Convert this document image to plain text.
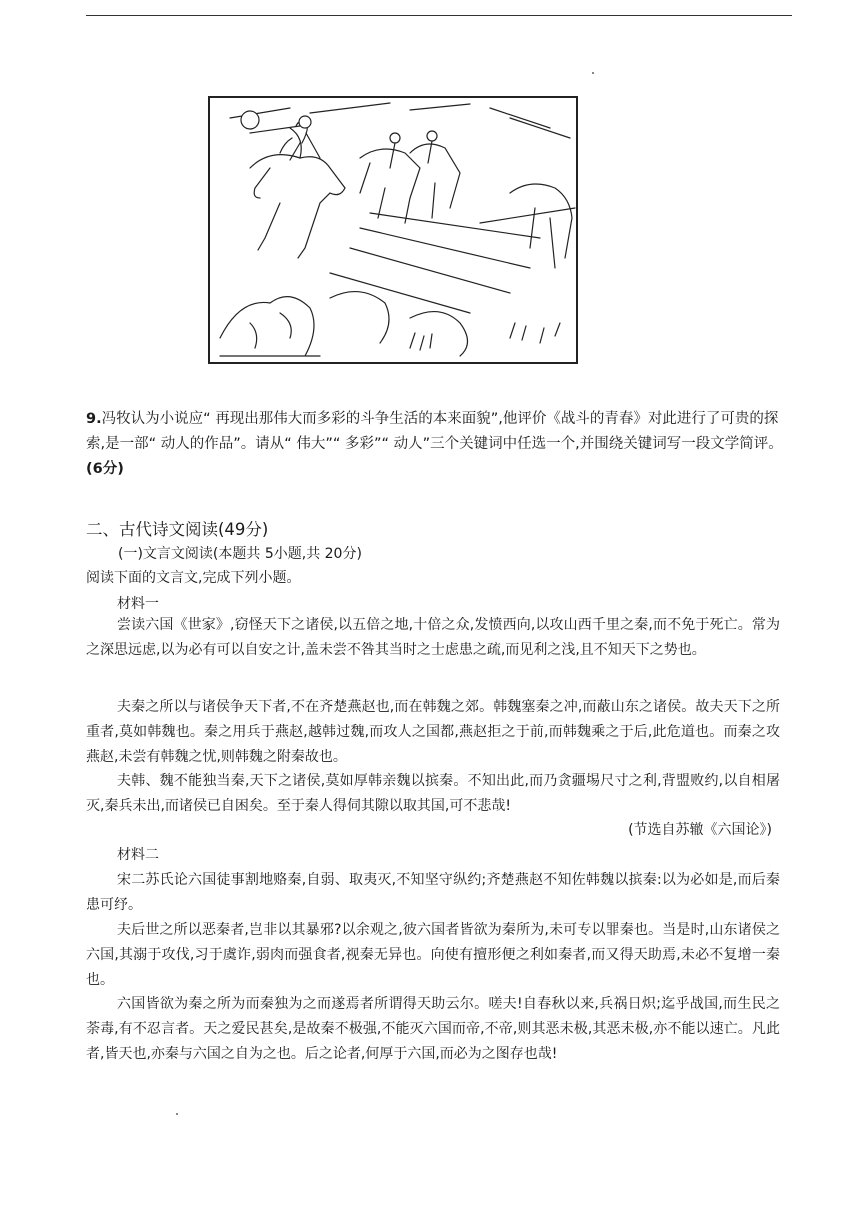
9.冯牧认为小说应“ 再现出那伟大而多彩的斗争生活的本来面貌”,他评价《战斗的青春》对此进行了可贵的探索,是一部“ 动人的作品”。请从“ 伟大”“ 多彩”“ 动人”三个关键词中任选一个,并围绕关键词写一段文学简评。(6分)
二、古代诗文阅读(49分)
(一)文言文阅读(本题共 5小题,共 20分)
阅读下面的文言文,完成下列小题。
材料一
尝读六国《世家》,窃怪天下之诸侯,以五倍之地,十倍之众,发愤西向,以攻山西千里之秦,而不免于死亡。常为之深思远虑,以为必有可以自安之计,盖未尝不咎其当时之士虑患之疏,而见利之浅,且不知天下之势也。
夫秦之所以与诸侯争天下者,不在齐楚燕赵也,而在韩魏之郊。韩魏塞秦之冲,而蔽山东之诸侯。故夫天下之所重者,莫如韩魏也。秦之用兵于燕赵,越韩过魏,而攻人之国都,燕赵拒之于前,而韩魏乘之于后,此危道也。而秦之攻燕赵,未尝有韩魏之忧,则韩魏之附秦故也。
夫韩、魏不能独当秦,天下之诸侯,莫如厚韩亲魏以摈秦。不知出此,而乃贪疆埸尺寸之利,背盟败约,以自相屠灭,秦兵未出,而诸侯已自困矣。至于秦人得伺其隙以取其国,可不悲哉!
(节选自苏辙《六国论》)
材料二
宋二苏氏论六国徒事割地赂秦,自弱、取夷灭,不知坚守纵约;齐楚燕赵不知佐韩魏以摈秦:以为必如是,而后秦患可纾。
夫后世之所以恶秦者,岂非以其暴邪?以余观之,彼六国者皆欲为秦所为,未可专以罪秦也。当是时,山东诸侯之六国,其溺于攻伐,习于虞诈,弱肉而强食者,视秦无异也。向使有擅形便之利如秦者,而又得天助焉,未必不复增一秦也。
六国皆欲为秦之所为而秦独为之而遂焉者所谓得天助云尔。嗟夫!自春秋以来,兵祸日炽;迄乎战国,而生民之荼毒,有不忍言者。天之爱民甚矣,是故秦不极强,不能灭六国而帝,不帝,则其恶未极,其恶未极,亦不能以速亡。凡此者,皆天也,亦秦与六国之自为之也。后之论者,何厚于六国,而必为之图存也哉!
